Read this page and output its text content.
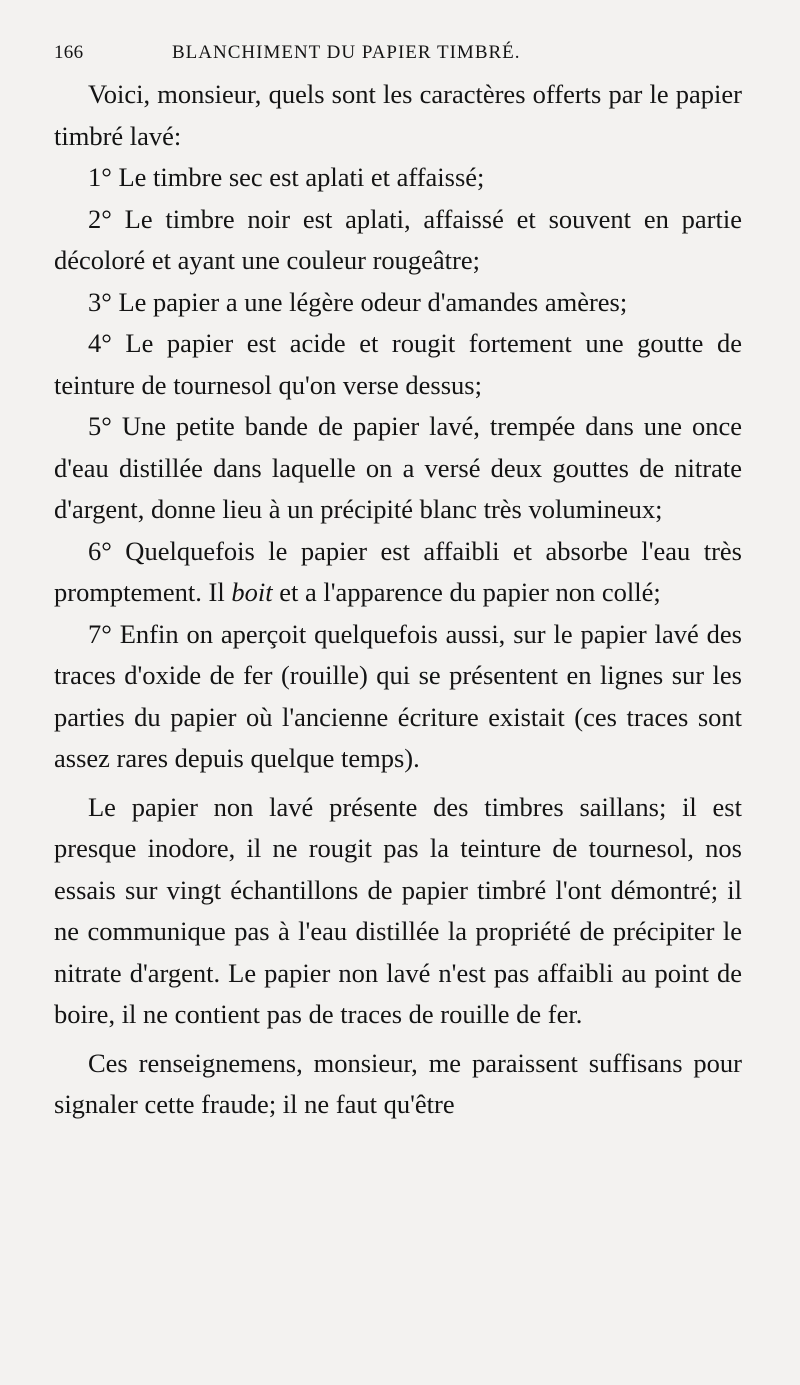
166	BLANCHIMENT DU PAPIER TIMBRÉ.

Voici, monsieur, quels sont les caractères offerts par le papier timbré lavé:

1° Le timbre sec est aplati et affaissé;

2° Le timbre noir est aplati, affaissé et souvent en partie décoloré et ayant une couleur rougeâtre;

3° Le papier a une légère odeur d'amandes amères;

4° Le papier est acide et rougit fortement une goutte de teinture de tournesol qu'on verse dessus;

5° Une petite bande de papier lavé, trempée dans une once d'eau distillée dans laquelle on a versé deux gouttes de nitrate d'argent, donne lieu à un précipité blanc très volumineux;

6° Quelquefois le papier est affaibli et absorbe l'eau très promptement. Il boit et a l'apparence du papier non collé;

7° Enfin on aperçoit quelquefois aussi, sur le papier lavé des traces d'oxide de fer (rouille) qui se présentent en lignes sur les parties du papier où l'ancienne écriture existait (ces traces sont assez rares depuis quelque temps).

Le papier non lavé présente des timbres saillans; il est presque inodore, il ne rougit pas la teinture de tournesol, nos essais sur vingt échantillons de papier timbré l'ont démontré; il ne communique pas à l'eau distillée la propriété de précipiter le nitrate d'argent. Le papier non lavé n'est pas affaibli au point de boire, il ne contient pas de traces de rouille de fer.

Ces renseignemens, monsieur, me paraissent suffisans pour signaler cette fraude; il ne faut qu'être
